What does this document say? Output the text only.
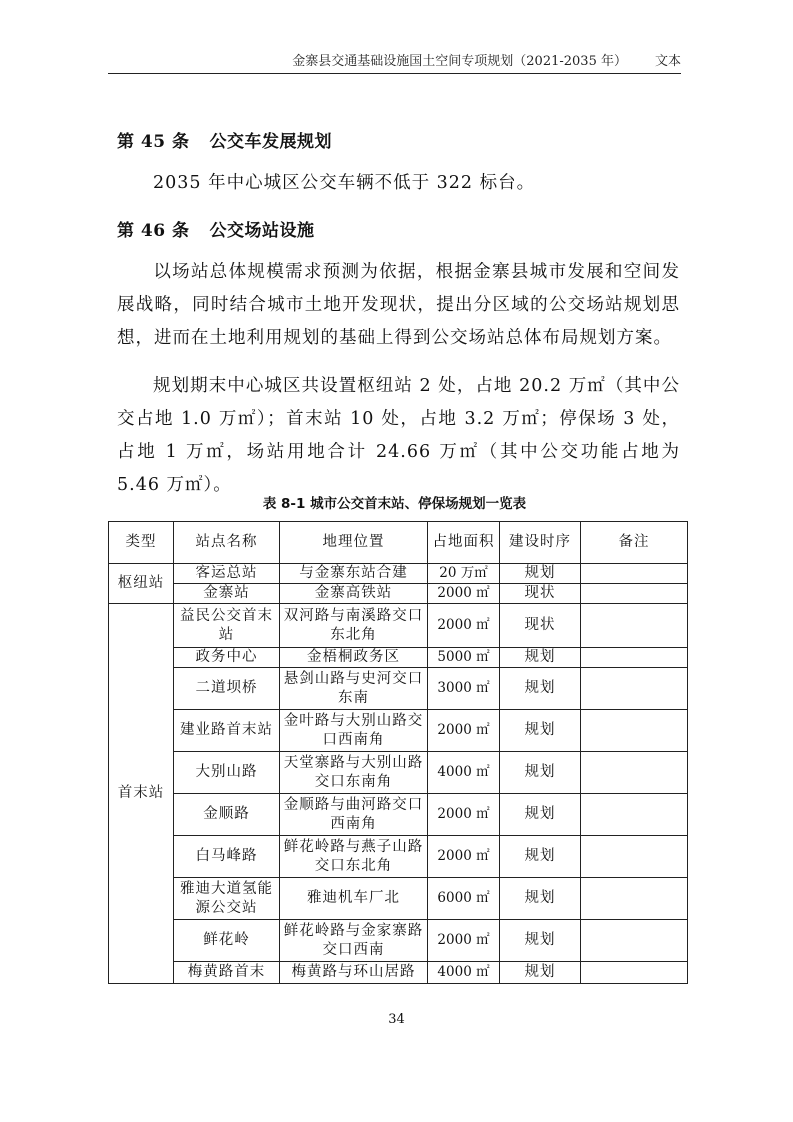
金寨县交通基础设施国土空间专项规划（2021-2035 年） 文本
第 45 条 公交车发展规划
2035 年中心城区公交车辆不低于 322 标台。
第 46 条 公交场站设施
以场站总体规模需求预测为依据，根据金寨县城市发展和空间发展战略，同时结合城市土地开发现状，提出分区域的公交场站规划思想，进而在土地利用规划的基础上得到公交场站总体布局规划方案。
规划期末中心城区共设置枢纽站 2 处，占地 20.2 万㎡（其中公交占地 1.0 万㎡）；首末站 10 处，占地 3.2 万㎡；停保场 3 处，占地 1 万㎡，场站用地合计 24.66 万㎡（其中公交功能占地为 5.46 万㎡）。
表 8-1 城市公交首末站、停保场规划一览表
类型	站点名称	地理位置	占地面积	建设时序	备注
枢纽站	客运总站	与金寨东站合建	20 万㎡	规划	
	金寨站	金寨高铁站	2000 ㎡	现状	
首末站	益民公交首末站	双河路与南溪路交口东北角	2000 ㎡	现状	
	政务中心	金梧桐政务区	5000 ㎡	规划	
	二道坝桥	悬剑山路与史河交口东南	3000 ㎡	规划	
	建业路首末站	金叶路与大别山路交口西南角	2000 ㎡	规划	
	大别山路	天堂寨路与大别山路交口东南角	4000 ㎡	规划	
	金顺路	金顺路与曲河路交口西南角	2000 ㎡	规划	
	白马峰路	鲜花岭路与燕子山路交口东北角	2000 ㎡	规划	
	雅迪大道氢能源公交站	雅迪机车厂北	6000 ㎡	规划	
	鲜花岭	鲜花岭路与金家寨路交口西南	2000 ㎡	规划	
	梅黄路首末	梅黄路与环山居路	4000 ㎡	规划	
34
